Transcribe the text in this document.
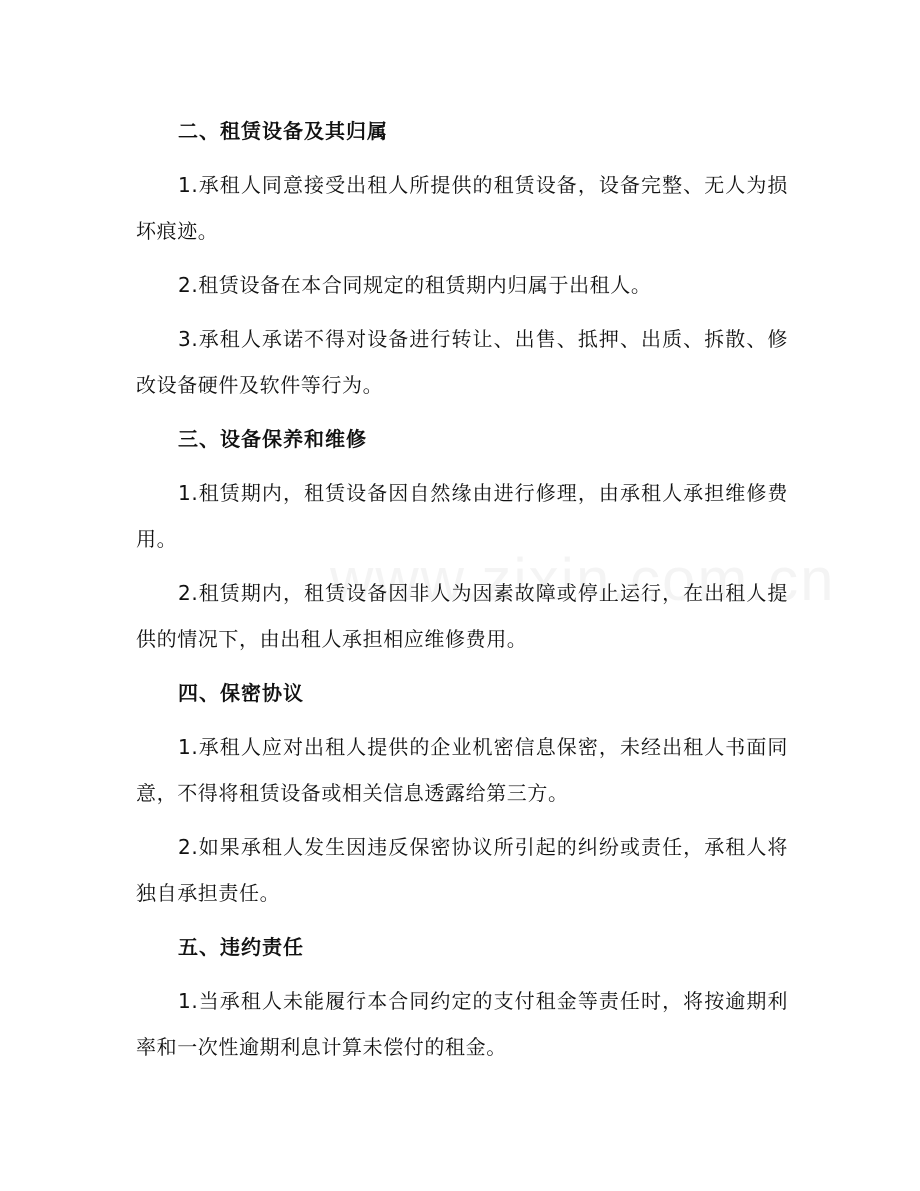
二、租赁设备及其归属

1.承租人同意接受出租人所提供的租赁设备，设备完整、无人为损坏痕迹。

2.租赁设备在本合同规定的租赁期内归属于出租人。

3.承租人承诺不得对设备进行转让、出售、抵押、出质、拆散、修改设备硬件及软件等行为。

三、设备保养和维修

1.租赁期内，租赁设备因自然缘由进行修理，由承租人承担维修费用。

2.租赁期内，租赁设备因非人为因素故障或停止运行，在出租人提供的情况下，由出租人承担相应维修费用。

四、保密协议

1.承租人应对出租人提供的企业机密信息保密，未经出租人书面同意，不得将租赁设备或相关信息透露给第三方。

2.如果承租人发生因违反保密协议所引起的纠纷或责任，承租人将独自承担责任。

五、违约责任

1.当承租人未能履行本合同约定的支付租金等责任时，将按逾期利率和一次性逾期利息计算未偿付的租金。
